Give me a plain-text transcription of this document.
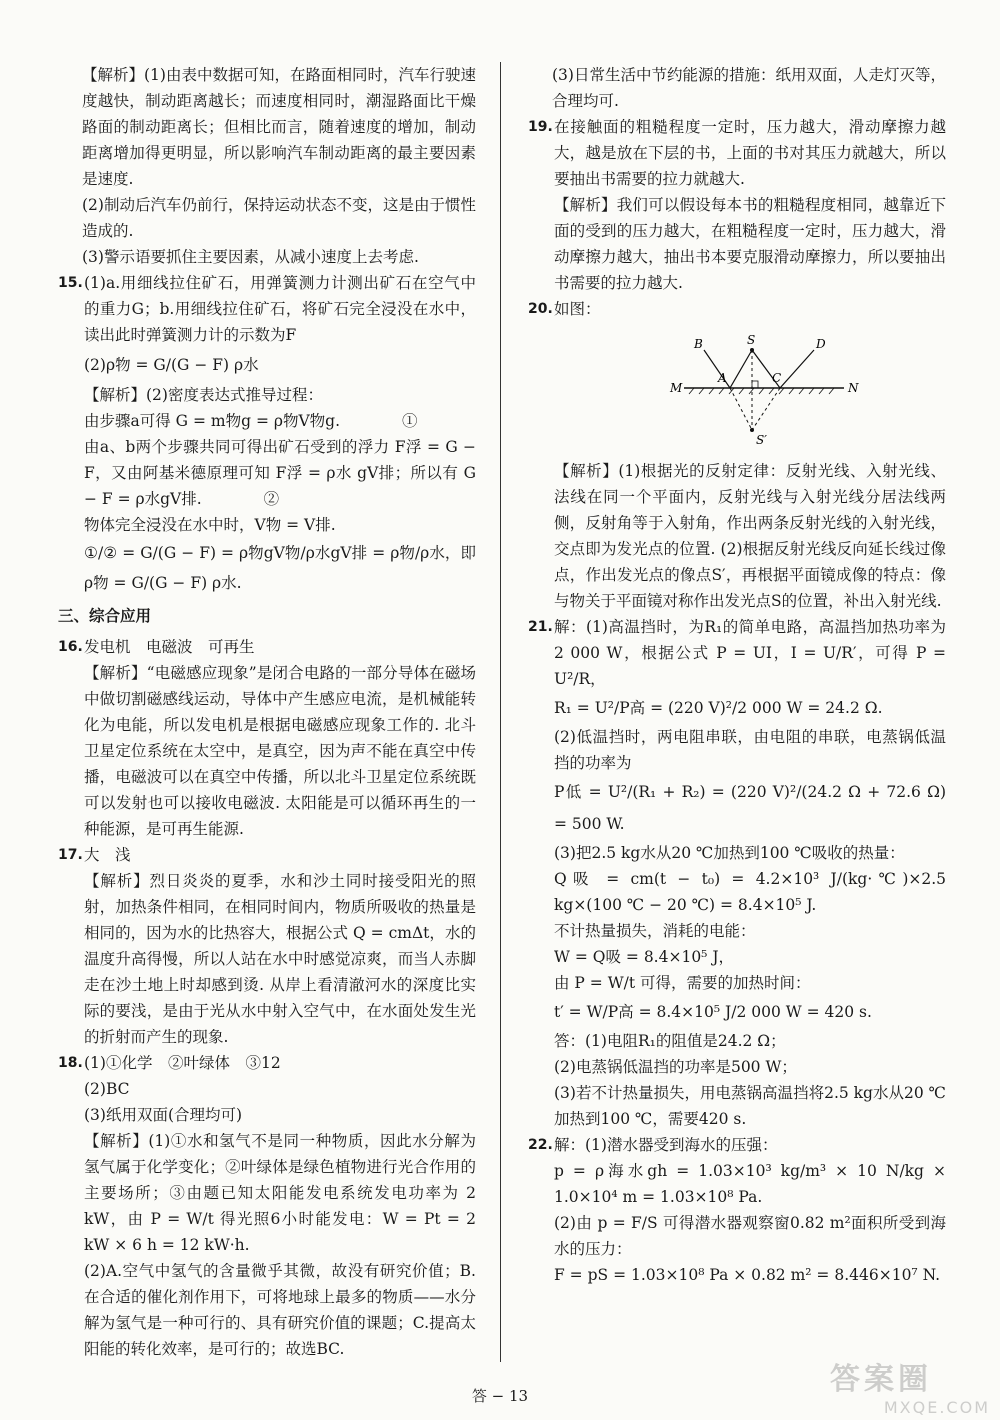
【解析】(1)由表中数据可知，在路面相同时，汽车行驶速度越快，制动距离越长；而速度相同时，潮湿路面比干燥路面的制动距离长；但相比而言，随着速度的增加，制动距离增加得更明显，所以影响汽车制动距离的最主要因素是速度.

(2)制动后汽车仍前行，保持运动状态不变，这是由于惯性造成的.

(3)警示语要抓住主要因素，从减小速度上去考虑.

15. (1)a.用细线拉住矿石，用弹簧测力计测出矿石在空气中的重力G；b.用细线拉住矿石，将矿石完全浸没在水中，读出此时弹簧测力计的示数为F

(2)ρ物 = G/(G − F) ρ水

【解析】(2)密度表达式推导过程：

由步骤a可得 G = m物g = ρ物V物g.　　　　①

由a、b两个步骤共同可得出矿石受到的浮力 F浮 = G − F，又由阿基米德原理可知 F浮 = ρ水 gV排；所以有 G − F = ρ水gV排.　　　　②

物体完全浸没在水中时，V物 = V排.

①/② = G/(G − F) = ρ物gV物/ρ水gV排 = ρ物/ρ水，即 ρ物 = G/(G − F) ρ水.

三、综合应用
16. 发电机　电磁波　可再生

【解析】“电磁感应现象”是闭合电路的一部分导体在磁场中做切割磁感线运动，导体中产生感应电流，是机械能转化为电能，所以发电机是根据电磁感应现象工作的. 北斗卫星定位系统在太空中，是真空，因为声不能在真空中传播，电磁波可以在真空中传播，所以北斗卫星定位系统既可以发射也可以接收电磁波. 太阳能是可以循环再生的一种能源，是可再生能源.

17. 大　浅

【解析】烈日炎炎的夏季，水和沙土同时接受阳光的照射，加热条件相同，在相同时间内，物质所吸收的热量是相同的，因为水的比热容大，根据公式 Q = cmΔt，水的温度升高得慢，所以人站在水中时感觉凉爽，而当人赤脚走在沙土地上时却感到烫. 从岸上看清澈河水的深度比实际的要浅，是由于光从水中射入空气中，在水面处发生光的折射而产生的现象.

18. (1)①化学　②叶绿体　③12

(2)BC

(3)纸用双面(合理均可)

【解析】(1)①水和氢气不是同一种物质，因此水分解为氢气属于化学变化；②叶绿体是绿色植物进行光合作用的主要场所；③由题已知太阳能发电系统发电功率为 2 kW，由 P = W/t 得光照6小时能发电：W = Pt = 2 kW × 6 h = 12 kW·h.

(2)A.空气中氢气的含量微乎其微，故没有研究价值；B.在合适的催化剂作用下，可将地球上最多的物质——水分解为氢气是一种可行的、具有研究价值的课题；C.提高太阳能的转化效率，是可行的；故选BC.

(3)日常生活中节约能源的措施：纸用双面，人走灯灭等，合理均可.

19. 在接触面的粗糙程度一定时，压力越大，滑动摩擦力越大，越是放在下层的书，上面的书对其压力就越大，所以要抽出书需要的拉力就越大.

【解析】我们可以假设每本书的粗糙程度相同，越靠近下面的受到的压力越大，在粗糙程度一定时，压力越大，滑动摩擦力越大，抽出书本要克服滑动摩擦力，所以要抽出书需要的拉力越大.

20. 如图：

B	S	D
M
A	C
N
S′

【解析】(1)根据光的反射定律：反射光线、入射光线、法线在同一个平面内，反射光线与入射光线分居法线两侧，反射角等于入射角，作出两条反射光线的入射光线，交点即为发光点的位置. (2)根据反射光线反向延长线过像点，作出发光点的像点S′，再根据平面镜成像的特点：像与物关于平面镜对称作出发光点S的位置，补出入射光线.

21. 解：(1)高温挡时，为R₁的简单电路，高温挡加热功率为 2 000 W，根据公式 P = UI，I = U/R′，可得 P = U²/R，

R₁ = U²/P高 = (220 V)²/2 000 W = 24.2 Ω.

(2)低温挡时，两电阻串联，由电阻的串联，电蒸锅低温挡的功率为

P低 = U²/(R₁ + R₂) = (220 V)²/(24.2 Ω + 72.6 Ω) = 500 W.

(3)把2.5 kg水从20 ℃加热到100 ℃吸收的热量：

Q吸 = cm(t − t₀) = 4.2×10³ J/(kg·℃)×2.5 kg×(100 ℃ − 20 ℃) = 8.4×10⁵ J.

不计热量损失，消耗的电能：

W = Q吸 = 8.4×10⁵ J，

由 P = W/t 可得，需要的加热时间：

t′ = W/P高 = 8.4×10⁵ J/2 000 W = 420 s.

答：(1)电阻R₁的阻值是24.2 Ω；

(2)电蒸锅低温挡的功率是500 W；

(3)若不计热量损失，用电蒸锅高温挡将2.5 kg水从20 ℃加热到100 ℃，需要420 s.

22. 解：(1)潜水器受到海水的压强：

p = ρ海水gh = 1.03×10³ kg/m³ × 10 N/kg × 1.0×10⁴ m = 1.03×10⁸ Pa.

(2)由 p = F/S 可得潜水器观察窗0.82 m²面积所受到海水的压力：

F = pS = 1.03×10⁸ Pa × 0.82 m² = 8.446×10⁷ N.

答 − 13	答案圈
MXQE.COM
